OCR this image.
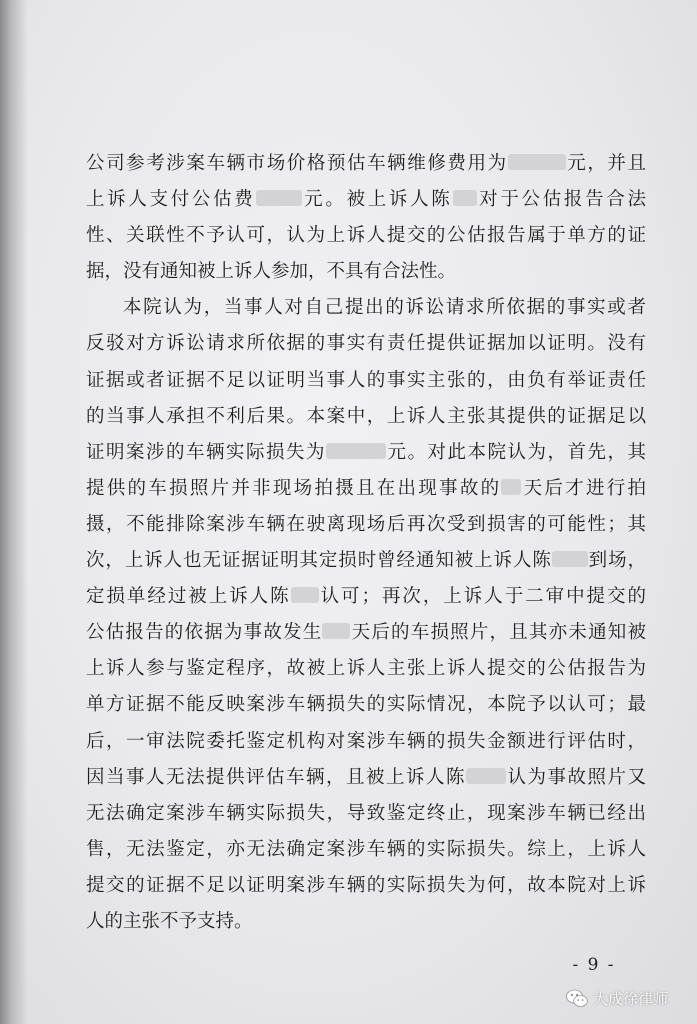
公司参考涉案车辆市场价格预估车辆维修费用为	元，并且
上诉人支付公估费 元。被上诉人陈 对于公估报告合法
性、关联性不予认可，认为上诉人提交的公估报告属于单方的证
据，没有通知被上诉人参加，不具有合法性。
本院认为，当事人对自己提出的诉讼请求所依据的事实或者
反驳对方诉讼请求所依据的事实有责任提供证据加以证明。没有
证据或者证据不足以证明当事人的事实主张的，由负有举证责任
的当事人承担不利后果。本案中，上诉人主张其提供的证据足以
证明案涉的车辆实际损失为	元。对此本院认为，首先，其
提供的车损照片并非现场拍摄且在出现事故的 天后才进行拍
摄，不能排除案涉车辆在驶离现场后再次受到损害的可能性；其
次，上诉人也无证据证明其定损时曾经通知被上诉人陈 到场，
定损单经过被上诉人陈 认可；再次，上诉人于二审中提交的
公估报告的依据为事故发生 天后的车损照片，且其亦未通知被
上诉人参与鉴定程序，故被上诉人主张上诉人提交的公估报告为
单方证据不能反映案涉车辆损失的实际情况，本院予以认可；最
后，一审法院委托鉴定机构对案涉车辆的损失金额进行评估时，
因当事人无法提供评估车辆，且被上诉人陈 认为事故照片又
无法确定案涉车辆实际损失，导致鉴定终止，现案涉车辆已经出
售，无法鉴定，亦无法确定案涉车辆的实际损失。综上，上诉人
提交的证据不足以证明案涉车辆的实际损失为何，故本院对上诉
人的主张不予支持。
- 9 -
大成徐律师
